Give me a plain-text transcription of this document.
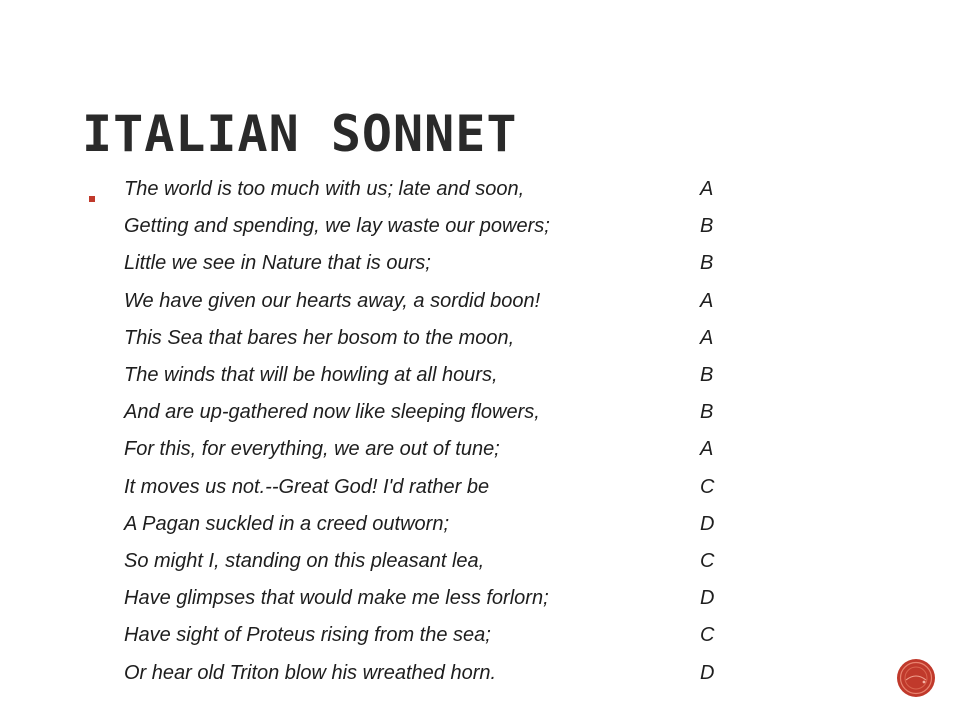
ITALIAN SONNET
The world is too much with us; late and soon,	A
Getting and spending, we lay waste our powers;	B
Little we see in Nature that is ours;	B
We have given our hearts away, a sordid boon!	A
This Sea that bares her bosom to the moon,	A
The winds that will be howling at all hours,	B
And are up-gathered now like sleeping flowers,	B
For this, for everything, we are out of tune;	A
It moves us not.--Great God! I'd rather be	C
A Pagan suckled in a creed outworn;	D
So might I, standing on this pleasant lea,	C
Have glimpses that would make me less forlorn;	D
Have sight of Proteus rising from the sea;	C
Or hear old Triton blow his wreathed horn.	D
